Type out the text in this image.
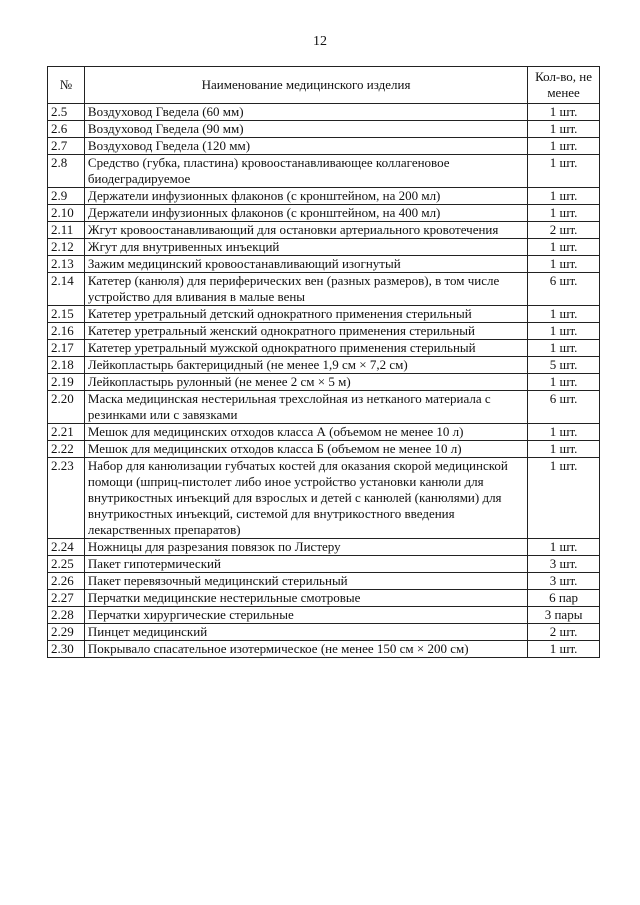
12
№	Наименование медицинского изделия	Кол-во, не менее
2.5	Воздуховод Гведела (60 мм)	1 шт.
2.6	Воздуховод Гведела (90 мм)	1 шт.
2.7	Воздуховод Гведела (120 мм)	1 шт.
2.8	Средство (губка, пластина) кровоостанавливающее коллагеновое биодеградируемое	1 шт.
2.9	Держатели инфузионных флаконов (с кронштейном, на 200 мл)	1 шт.
2.10	Держатели инфузионных флаконов (с кронштейном, на 400 мл)	1 шт.
2.11	Жгут кровоостанавливающий для остановки артериального кровотечения	2 шт.
2.12	Жгут для внутривенных инъекций	1 шт.
2.13	Зажим медицинский кровоостанавливающий изогнутый	1 шт.
2.14	Катетер (канюля) для периферических вен (разных размеров), в том числе устройство для вливания в малые вены	6 шт.
2.15	Катетер уретральный детский однократного применения стерильный	1 шт.
2.16	Катетер уретральный женский однократного применения стерильный	1 шт.
2.17	Катетер уретральный мужской однократного применения стерильный	1 шт.
2.18	Лейкопластырь бактерицидный (не менее 1,9 см × 7,2 см)	5 шт.
2.19	Лейкопластырь рулонный (не менее 2 см × 5 м)	1 шт.
2.20	Маска медицинская нестерильная трехслойная из нетканого материала с резинками или с завязками	6 шт.
2.21	Мешок для медицинских отходов класса А (объемом не менее 10 л)	1 шт.
2.22	Мешок для медицинских отходов класса Б (объемом не менее 10 л)	1 шт.
2.23	Набор для канюлизации губчатых костей для оказания скорой медицинской помощи (шприц-пистолет либо иное устройство установки канюли для внутрикостных инъекций для взрослых и детей с канюлей (канюлями) для внутрикостных инъекций, системой для внутрикостного введения лекарственных препаратов)	1 шт.
2.24	Ножницы для разрезания повязок по Листеру	1 шт.
2.25	Пакет гипотермический	3 шт.
2.26	Пакет перевязочный медицинский стерильный	3 шт.
2.27	Перчатки медицинские нестерильные смотровые	6 пар
2.28	Перчатки хирургические стерильные	3 пары
2.29	Пинцет медицинский	2 шт.
2.30	Покрывало спасательное изотермическое (не менее 150 см × 200 см)	1 шт.
